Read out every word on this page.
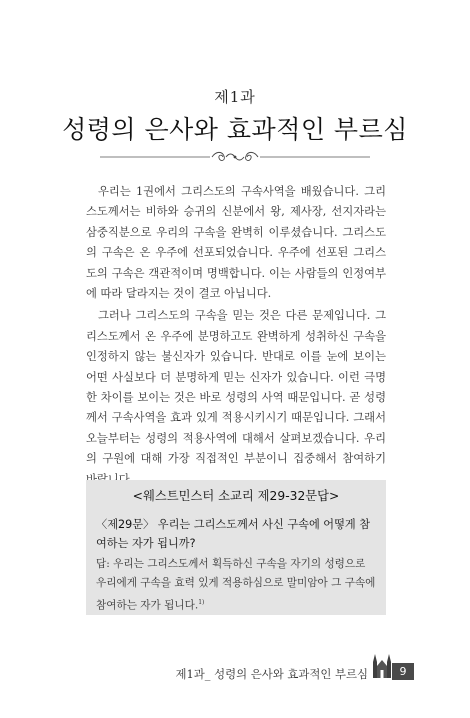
제1과
성령의 은사와 효과적인 부르심

우리는 1권에서 그리스도의 구속사역을 배웠습니다. 그리스도께서는 비하와 승귀의 신분에서 왕, 제사장, 선지자라는 삼중직분으로 우리의 구속을 완벽히 이루셨습니다. 그리스도의 구속은 온 우주에 선포되었습니다. 우주에 선포된 그리스도의 구속은 객관적이며 명백합니다. 이는 사람들의 인정여부에 따라 달라지는 것이 결코 아닙니다.

그러나 그리스도의 구속을 믿는 것은 다른 문제입니다. 그리스도께서 온 우주에 분명하고도 완벽하게 성취하신 구속을 인정하지 않는 불신자가 있습니다. 반대로 이를 눈에 보이는 어떤 사실보다 더 분명하게 믿는 신자가 있습니다. 이런 극명한 차이를 보이는 것은 바로 성령의 사역 때문입니다. 곧 성령께서 구속사역을 효과 있게 적용시키시기 때문입니다. 그래서 오늘부터는 성령의 적용사역에 대해서 살펴보겠습니다. 우리의 구원에 대해 가장 직접적인 부분이니 집중해서 참여하기

<웨스트민스터 소교리 제29-32문답>
〈제29문〉 우리는 그리스도께서 사신 구속에 어떻게 참여하는 자가 됩니까?
답: 우리는 그리스도께서 획득하신 구속을 자기의 성령으로 우리에게 구속을 효력 있게 적용하심으로 말미암아 그 구속에 참여하는 자가 됩니다.$^{1)}$
제1과_ 성령의 은사와 효과적인 부르심	9
